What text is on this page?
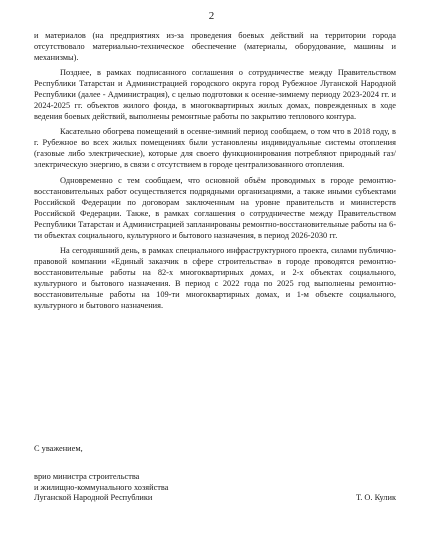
2

и материалов (на предприятиях из-за проведения боевых действий на территории города отсутствовало материально-техническое обеспечение (материалы, оборудование, машины и механизмы).

Позднее, в рамках подписанного соглашения о сотрудничестве между Правительством Республики Татарстан и Администрацией городского округа город Рубежное Луганской Народной Республики (далее - Администрация), с целью подготовки к осенне-зимнему периоду 2023-2024 гг. и 2024-2025 гг. объектов жилого фонда, в многоквартирных жилых домах, поврежденных в ходе ведения боевых действий, выполнены ремонтные работы по закрытию теплового контура.

Касательно обогрева помещений в осенне-зимний период сообщаем, о том что в 2018 году, в г. Рубежное во всех жилых помещениях были установлены индивидуальные системы отопления (газовые либо электрические), которые для своего функционирования потребляют природный газ/электрическую энергию, в связи с отсутствием в городе централизованного отопления.

Одновременно с тем сообщаем, что основной объём проводимых в городе ремонтно-восстановительных работ осуществляется подрядными организациями, а также иными субъектами Российской Федерации по договорам заключенным на уровне правительств и министерств Российской Федерации. Также, в рамках соглашения о сотрудничестве между Правительством Республики Татарстан и Администрацией запланированы ремонтно-восстановительные работы на 6-ти объектах социального, культурного и бытового назначения, в период 2026-2030 гг.

На сегодняшний день, в рамках специального инфраструктурного проекта, силами публично-правовой компании «Единый заказчик в сфере строительства» в городе проводятся ремонтно-восстановительные работы на 82-х многоквартирных домах, и 2-х объектах социального, культурного и бытового назначения. В период с 2022 года по 2025 год выполнены ремонтно-восстановительные работы на 109-ти многоквартирных домах, и 1-м объекте социального, культурного и бытового назначения.

С уважением,
врио министра строительства
и жилищно-коммунального хозяйства
Луганской Народной Республики	Т. О. Кулик
